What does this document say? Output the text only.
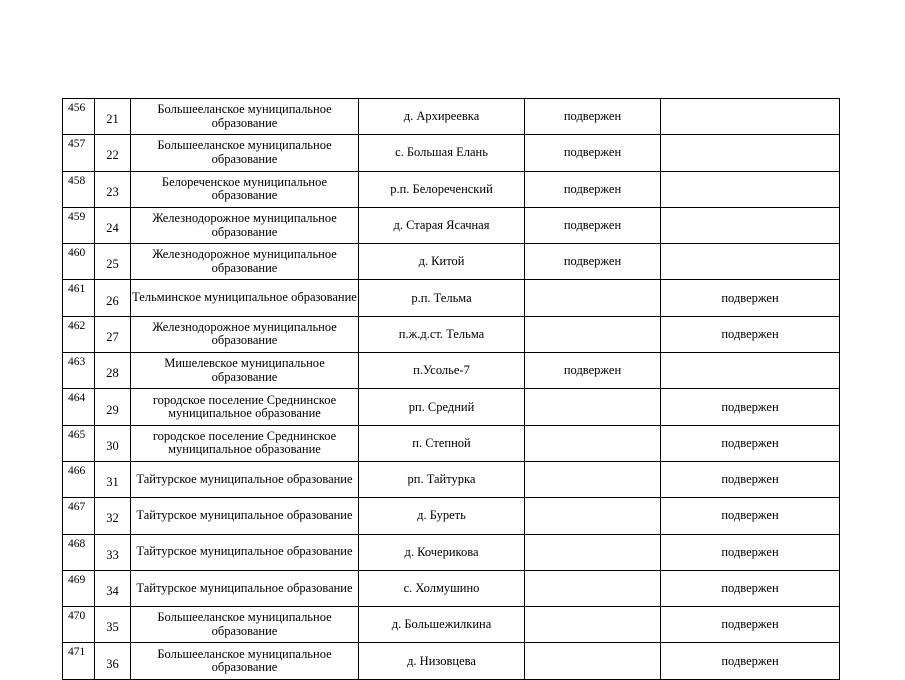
456	21	Большееланское муниципальное образование	д. Архиреевка	подвержен	
457	22	Большееланское муниципальное образование	с. Большая Елань	подвержен	
458	23	Белореченское муниципальное образование	р.п. Белореченский	подвержен	
459	24	Железнодорожное муниципальное образование	д. Старая Ясачная	подвержен	
460	25	Железнодорожное муниципальное образование	д. Китой	подвержен	
461	26	Тельминское муниципальное образование	р.п. Тельма		подвержен
462	27	Железнодорожное муниципальное образование	п.ж.д.ст. Тельма		подвержен
463	28	Мишелевское муниципальное образование	п.Усолье-7	подвержен	
464	29	городское поселение Среднинское муниципальное образование	рп. Средний		подвержен
465	30	городское поселение Среднинское муниципальное образование	п. Степной		подвержен
466	31	Тайтурское муниципальное образование	рп. Тайтурка		подвержен
467	32	Тайтурское муниципальное образование	д. Буреть		подвержен
468	33	Тайтурское муниципальное образование	д. Кочерикова		подвержен
469	34	Тайтурское муниципальное образование	с. Холмушино		подвержен
470	35	Большееланское муниципальное образование	д. Большежилкина		подвержен
471	36	Большееланское муниципальное образование	д. Низовцева		подвержен
